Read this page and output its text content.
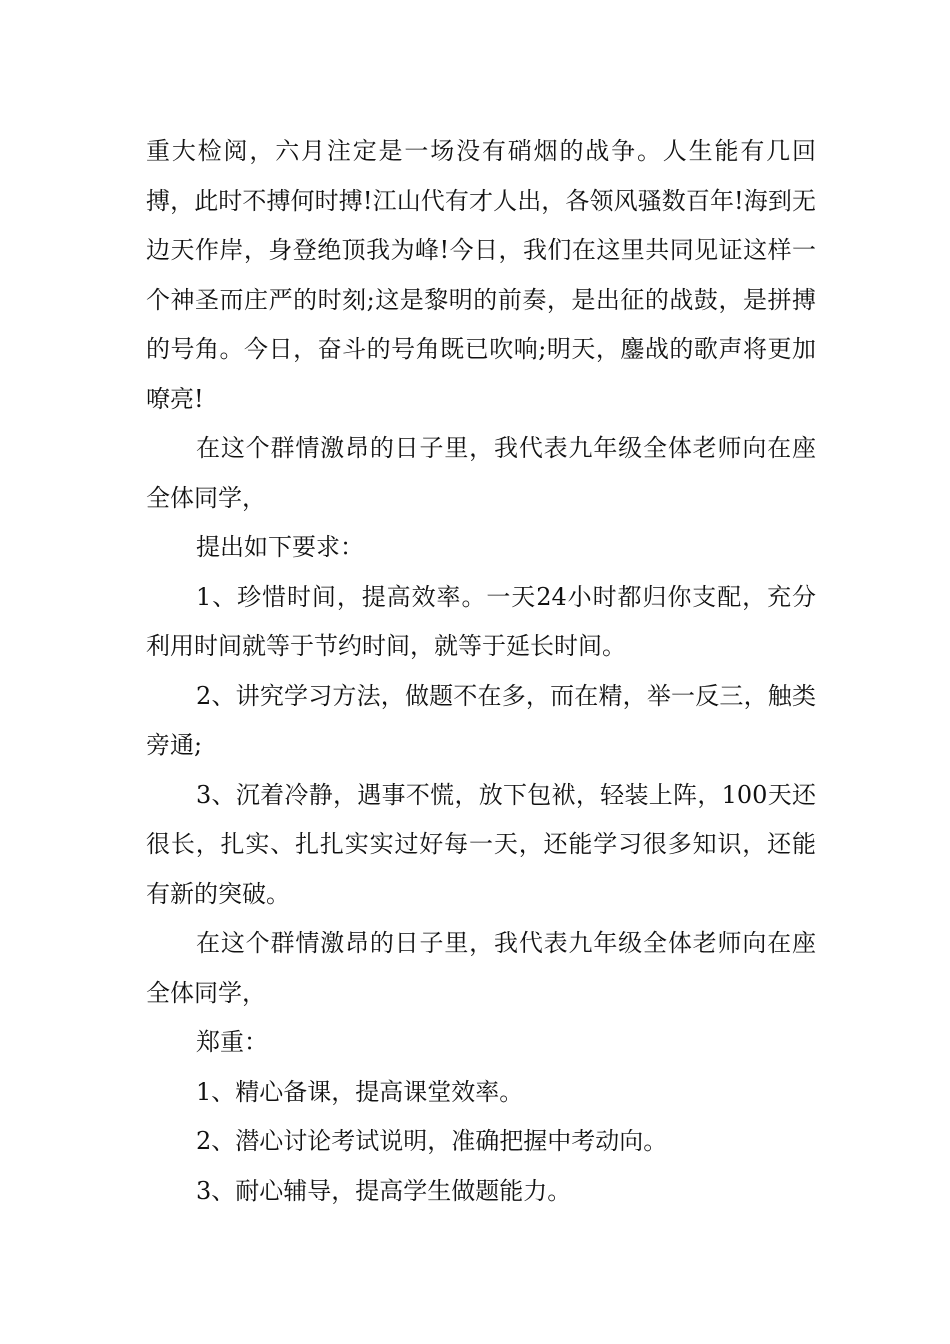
重大检阅，六月注定是一场没有硝烟的战争。人生能有几回搏，此时不搏何时搏!江山代有才人出，各领风骚数百年!海到无边天作岸，身登绝顶我为峰!今日，我们在这里共同见证这样一个神圣而庄严的时刻;这是黎明的前奏，是出征的战鼓，是拼搏的号角。今日，奋斗的号角既已吹响;明天，鏖战的歌声将更加嘹亮!

在这个群情激昂的日子里，我代表九年级全体老师向在座全体同学，

提出如下要求：

1、珍惜时间，提高效率。一天24小时都归你支配，充分利用时间就等于节约时间，就等于延长时间。

2、讲究学习方法，做题不在多，而在精，举一反三，触类旁通;

3、沉着冷静，遇事不慌，放下包袱，轻装上阵，100天还很长，扎实、扎扎实实过好每一天，还能学习很多知识，还能有新的突破。

在这个群情激昂的日子里，我代表九年级全体老师向在座全体同学，

郑重：

1、精心备课，提高课堂效率。

2、潜心讨论考试说明，准确把握中考动向。

3、耐心辅导，提高学生做题能力。
